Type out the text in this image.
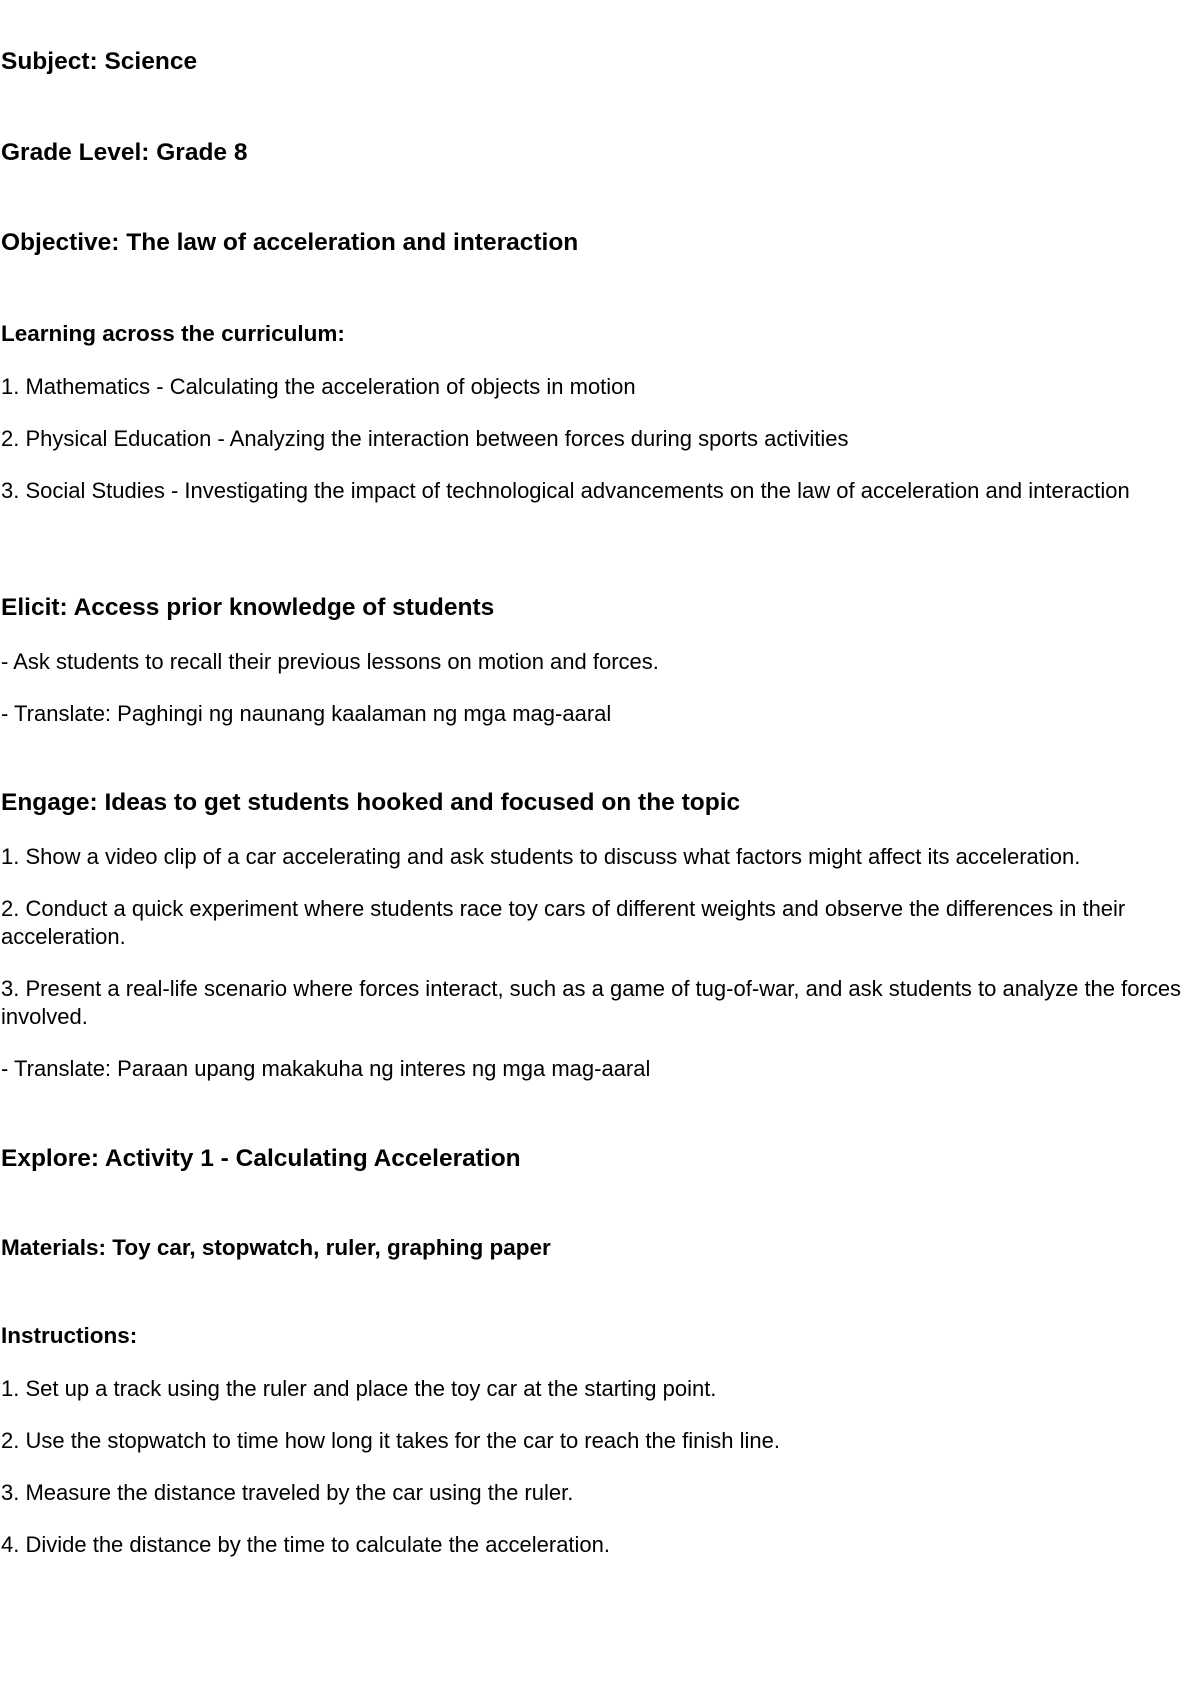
Subject: Science
Grade Level: Grade 8
Objective: The law of acceleration and interaction
Learning across the curriculum:
1. Mathematics - Calculating the acceleration of objects in motion
2. Physical Education - Analyzing the interaction between forces during sports activities
3. Social Studies - Investigating the impact of technological advancements on the law of acceleration and interaction
Elicit: Access prior knowledge of students
- Ask students to recall their previous lessons on motion and forces.
- Translate: Paghingi ng naunang kaalaman ng mga mag-aaral
Engage: Ideas to get students hooked and focused on the topic
1. Show a video clip of a car accelerating and ask students to discuss what factors might affect its acceleration.
2. Conduct a quick experiment where students race toy cars of different weights and observe the differences in their acceleration.
3. Present a real-life scenario where forces interact, such as a game of tug-of-war, and ask students to analyze the forces involved.
- Translate: Paraan upang makakuha ng interes ng mga mag-aaral
Explore: Activity 1 - Calculating Acceleration
Materials: Toy car, stopwatch, ruler, graphing paper
Instructions:
1. Set up a track using the ruler and place the toy car at the starting point.
2. Use the stopwatch to time how long it takes for the car to reach the finish line.
3. Measure the distance traveled by the car using the ruler.
4. Divide the distance by the time to calculate the acceleration.
